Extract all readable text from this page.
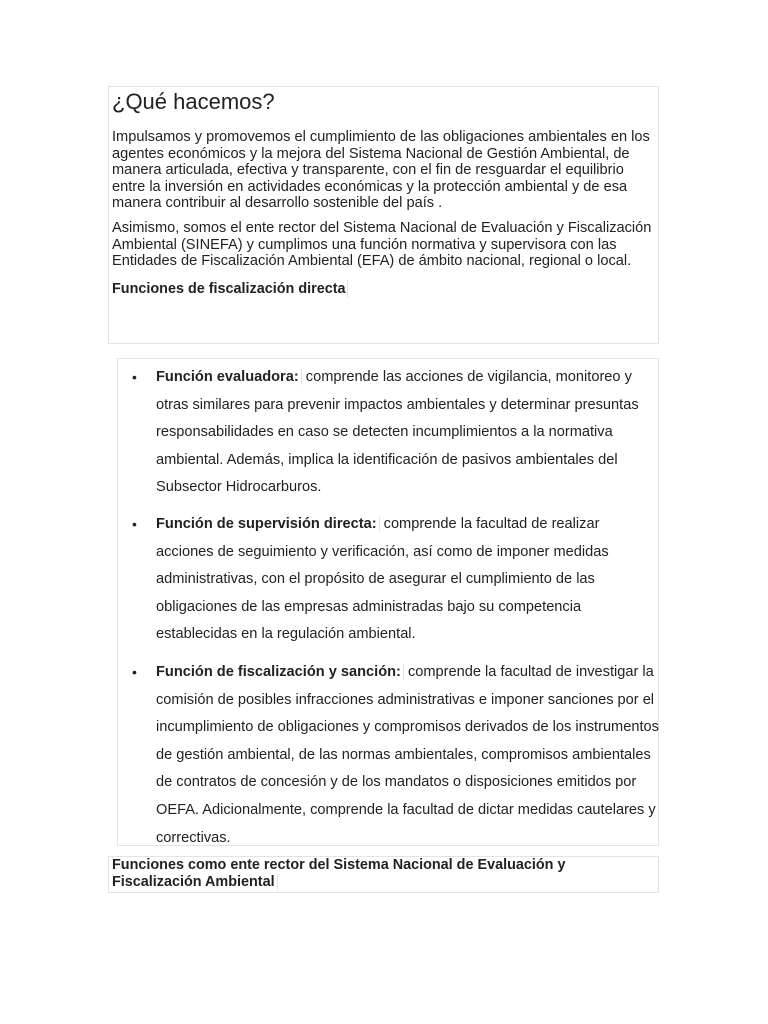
¿Qué hacemos?

Impulsamos y promovemos el cumplimiento de las obligaciones ambientales en los agentes económicos y la mejora del Sistema Nacional de Gestión Ambiental, de manera articulada, efectiva y transparente, con el fin de resguardar el equilibrio entre la inversión en actividades económicas y la protección ambiental y de esa manera contribuir al desarrollo sostenible del país .

Asimismo, somos el ente rector del Sistema Nacional de Evaluación y Fiscalización Ambiental (SINEFA) y cumplimos una función normativa y supervisora con las Entidades de Fiscalización Ambiental (EFA) de ámbito nacional, regional o local.

Funciones de fiscalización directa
• Función evaluadora: comprende las acciones de vigilancia, monitoreo y otras similares para prevenir impactos ambientales y determinar presuntas responsabilidades en caso se detecten incumplimientos a la normativa ambiental. Además, implica la identificación de pasivos ambientales del Subsector Hidrocarburos.
• Función de supervisión directa: comprende la facultad de realizar acciones de seguimiento y verificación, así como de imponer medidas administrativas, con el propósito de asegurar el cumplimiento de las obligaciones de las empresas administradas bajo su competencia establecidas en la regulación ambiental.
• Función de fiscalización y sanción: comprende la facultad de investigar la comisión de posibles infracciones administrativas e imponer sanciones por el incumplimiento de obligaciones y compromisos derivados de los instrumentos de gestión ambiental, de las normas ambientales, compromisos ambientales de contratos de concesión y de los mandatos o disposiciones emitidos por OEFA. Adicionalmente, comprende la facultad de dictar medidas cautelares y correctivas.
Funciones como ente rector del Sistema Nacional de Evaluación y Fiscalización Ambiental
